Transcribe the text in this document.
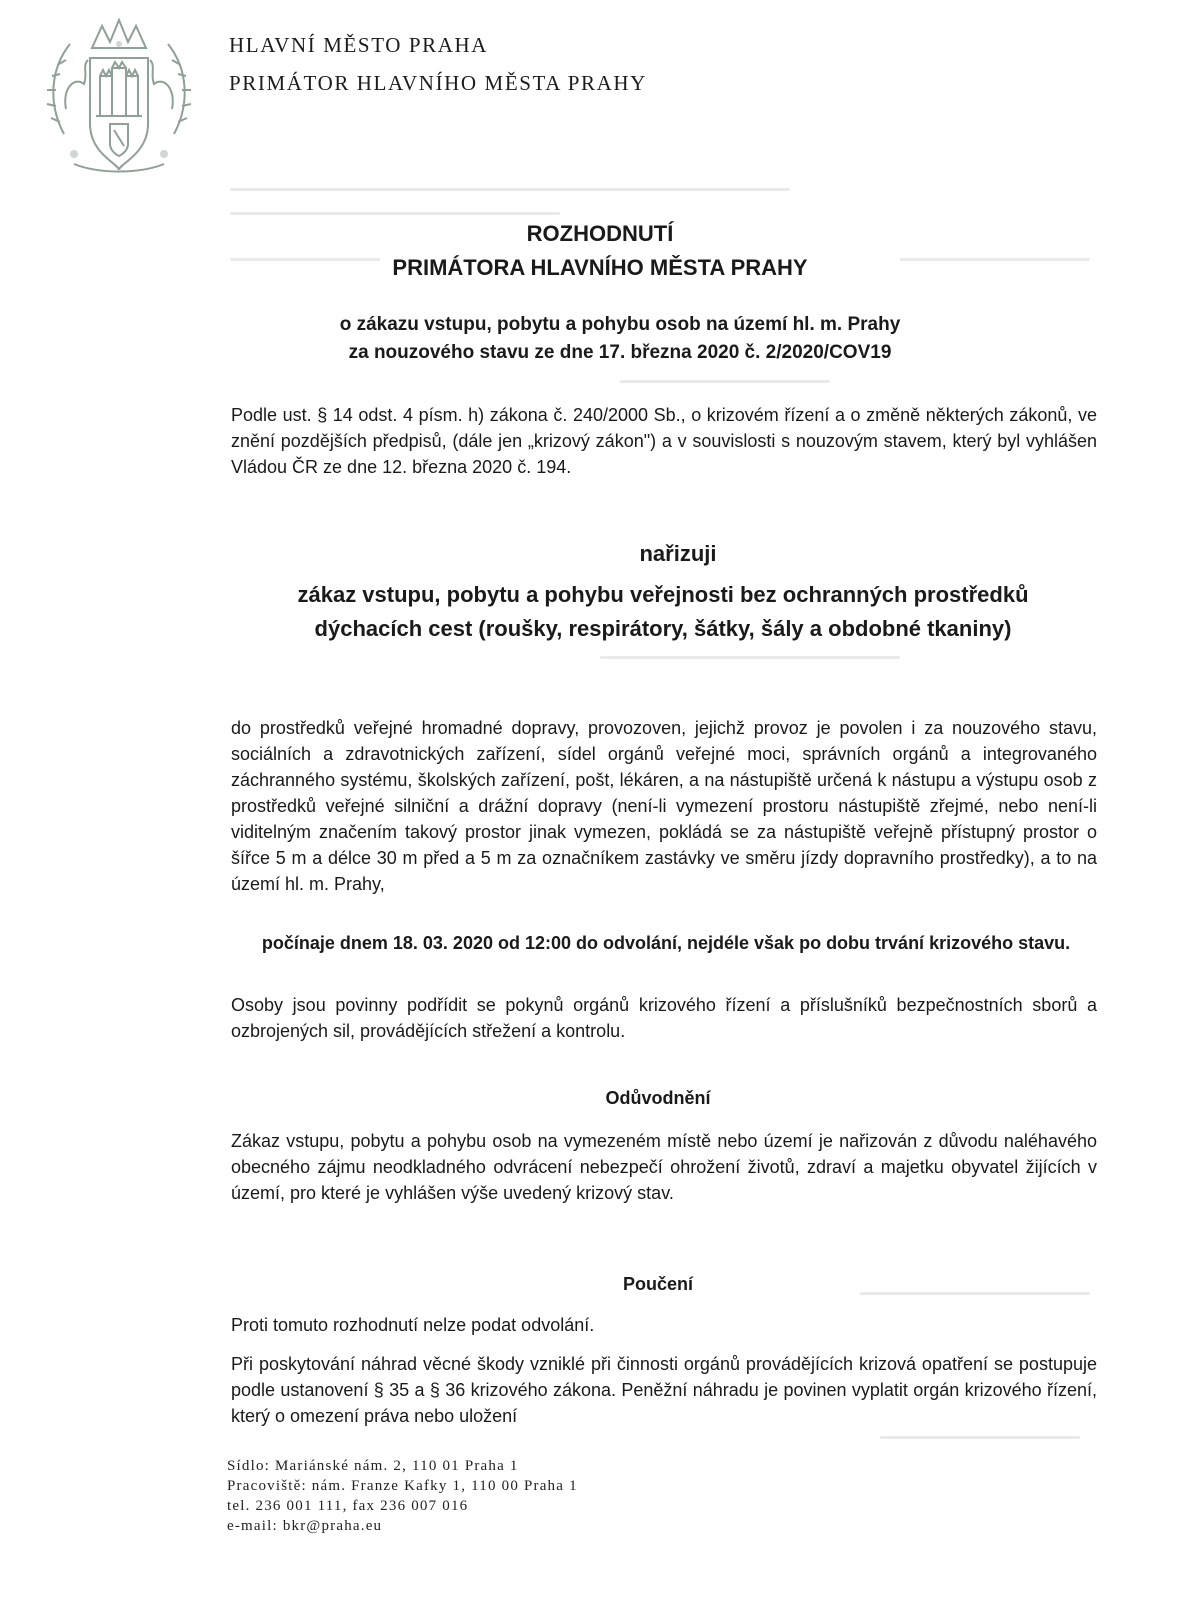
HLAVNÍ MĚSTO PRAHA
PRIMÁTOR HLAVNÍHO MĚSTA PRAHY
ROZHODNUTÍ
PRIMÁTORA HLAVNÍHO MĚSTA PRAHY
o zákazu vstupu, pobytu a pohybu osob na území hl. m. Prahy
za nouzového stavu ze dne 17. března 2020 č. 2/2020/COV19
Podle ust. § 14 odst. 4 písm. h) zákona č. 240/2000 Sb., o krizovém řízení a o změně některých zákonů, ve znění pozdějších předpisů, (dále jen „krizový zákon") a v souvislosti s nouzovým stavem, který byl vyhlášen Vládou ČR ze dne 12. března 2020 č. 194.
nařizuji
zákaz vstupu, pobytu a pohybu veřejnosti bez ochranných prostředků dýchacích cest (roušky, respirátory, šátky, šály a obdobné tkaniny)
do prostředků veřejné hromadné dopravy, provozoven, jejichž provoz je povolen i za nouzového stavu, sociálních a zdravotnických zařízení, sídel orgánů veřejné moci, správních orgánů a integrovaného záchranného systému, školských zařízení, pošt, lékáren, a na nástupiště určená k nástupu a výstupu osob z prostředků veřejné silniční a drážní dopravy (není-li vymezení prostoru nástupiště zřejmé, nebo není-li viditelným značením takový prostor jinak vymezen, pokládá se za nástupiště veřejně přístupný prostor o šířce 5 m a délce 30 m před a 5 m za označníkem zastávky ve směru jízdy dopravního prostředky), a to na území hl. m. Prahy,
počínaje dnem 18. 03. 2020 od 12:00 do odvolání, nejdéle však po dobu trvání krizového stavu.
Osoby jsou povinny podřídit se pokynů orgánů krizového řízení a příslušníků bezpečnostních sborů a ozbrojených sil, provádějících střežení a kontrolu.
Odůvodnění
Zákaz vstupu, pobytu a pohybu osob na vymezeném místě nebo území je nařizován z důvodu naléhavého obecného zájmu neodkladného odvrácení nebezpečí ohrožení životů, zdraví a majetku obyvatel žijících v území, pro které je vyhlášen výše uvedený krizový stav.
Poučení
Proti tomuto rozhodnutí nelze podat odvolání.
Při poskytování náhrad věcné škody vzniklé při činnosti orgánů provádějících krizová opatření se postupuje podle ustanovení § 35 a § 36 krizového zákona. Peněžní náhradu je povinen vyplatit orgán krizového řízení, který o omezení práva nebo uložení
Sídlo: Mariánské nám. 2, 110 01 Praha 1
Pracoviště: nám. Franze Kafky 1, 110 00 Praha 1
tel. 236 001 111, fax 236 007 016
e-mail: bkr@praha.eu
